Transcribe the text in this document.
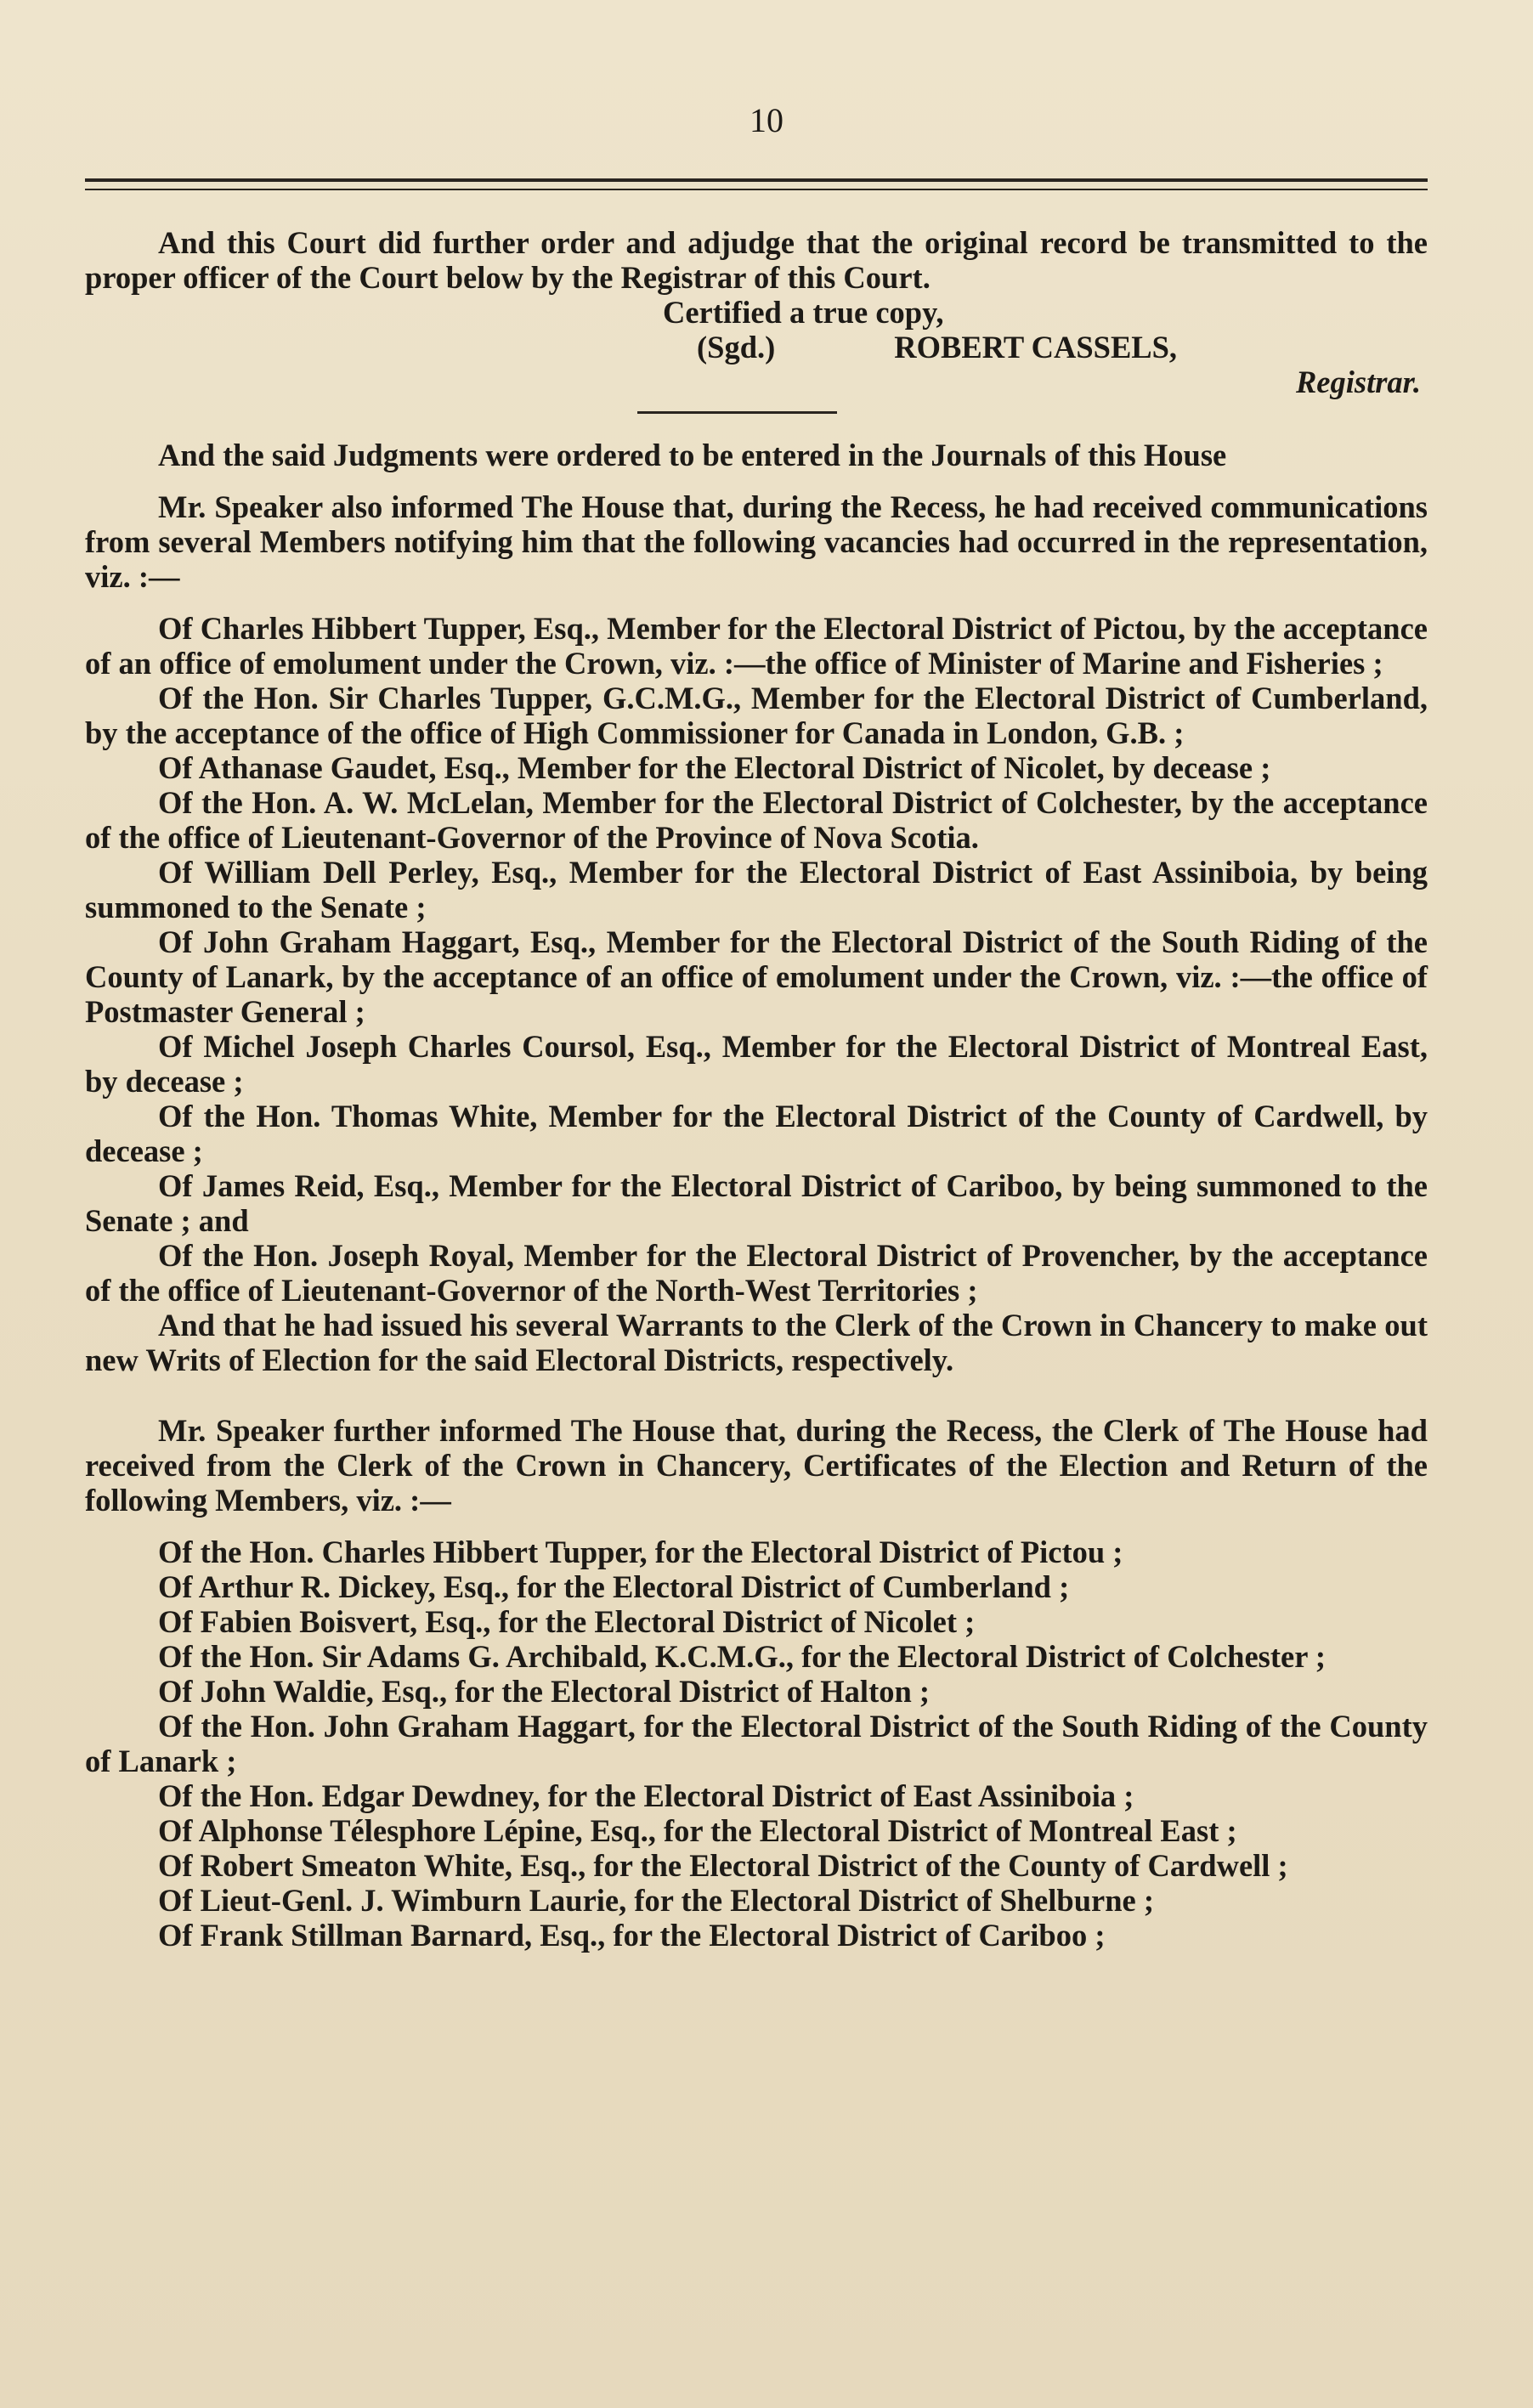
10

And this Court did further order and adjudge that the original record be transmitted to the proper officer of the Court below by the Registrar of this Court.

Certified a true copy,
(Sgd.)	ROBERT CASSELS,
Registrar.

And the said Judgments were ordered to be entered in the Journals of this House

Mr. Speaker also informed The House that, during the Recess, he had received communications from several Members notifying him that the following vacancies had occurred in the representation, viz. :—

Of Charles Hibbert Tupper, Esq., Member for the Electoral District of Pictou, by the acceptance of an office of emolument under the Crown, viz. :—the office of Minister of Marine and Fisheries ;

Of the Hon. Sir Charles Tupper, G.C.M.G., Member for the Electoral District of Cumberland, by the acceptance of the office of High Commissioner for Canada in London, G.B. ;

Of Athanase Gaudet, Esq., Member for the Electoral District of Nicolet, by decease ;

Of the Hon. A. W. McLelan, Member for the Electoral District of Colchester, by the acceptance of the office of Lieutenant-Governor of the Province of Nova Scotia.

Of William Dell Perley, Esq., Member for the Electoral District of East Assiniboia, by being summoned to the Senate ;

Of John Graham Haggart, Esq., Member for the Electoral District of the South Riding of the County of Lanark, by the acceptance of an office of emolument under the Crown, viz. :—the office of Postmaster General ;

Of Michel Joseph Charles Coursol, Esq., Member for the Electoral District of Montreal East, by decease ;

Of the Hon. Thomas White, Member for the Electoral District of the County of Cardwell, by decease ;

Of James Reid, Esq., Member for the Electoral District of Cariboo, by being summoned to the Senate ; and

Of the Hon. Joseph Royal, Member for the Electoral District of Provencher, by the acceptance of the office of Lieutenant-Governor of the North-West Territories ;

And that he had issued his several Warrants to the Clerk of the Crown in Chancery to make out new Writs of Election for the said Electoral Districts, respectively.

Mr. Speaker further informed The House that, during the Recess, the Clerk of The House had received from the Clerk of the Crown in Chancery, Certificates of the Election and Return of the following Members, viz. :—

Of the Hon. Charles Hibbert Tupper, for the Electoral District of Pictou ;

Of Arthur R. Dickey, Esq., for the Electoral District of Cumberland ;

Of Fabien Boisvert, Esq., for the Electoral District of Nicolet ;

Of the Hon. Sir Adams G. Archibald, K.C.M.G., for the Electoral District of Colchester ;

Of John Waldie, Esq., for the Electoral District of Halton ;

Of the Hon. John Graham Haggart, for the Electoral District of the South Riding of the County of Lanark ;

Of the Hon. Edgar Dewdney, for the Electoral District of East Assiniboia ;

Of Alphonse Télesphore Lépine, Esq., for the Electoral District of Montreal East ;

Of Robert Smeaton White, Esq., for the Electoral District of the County of Cardwell ;

Of Lieut-Genl. J. Wimburn Laurie, for the Electoral District of Shelburne ;

Of Frank Stillman Barnard, Esq., for the Electoral District of Cariboo ;
